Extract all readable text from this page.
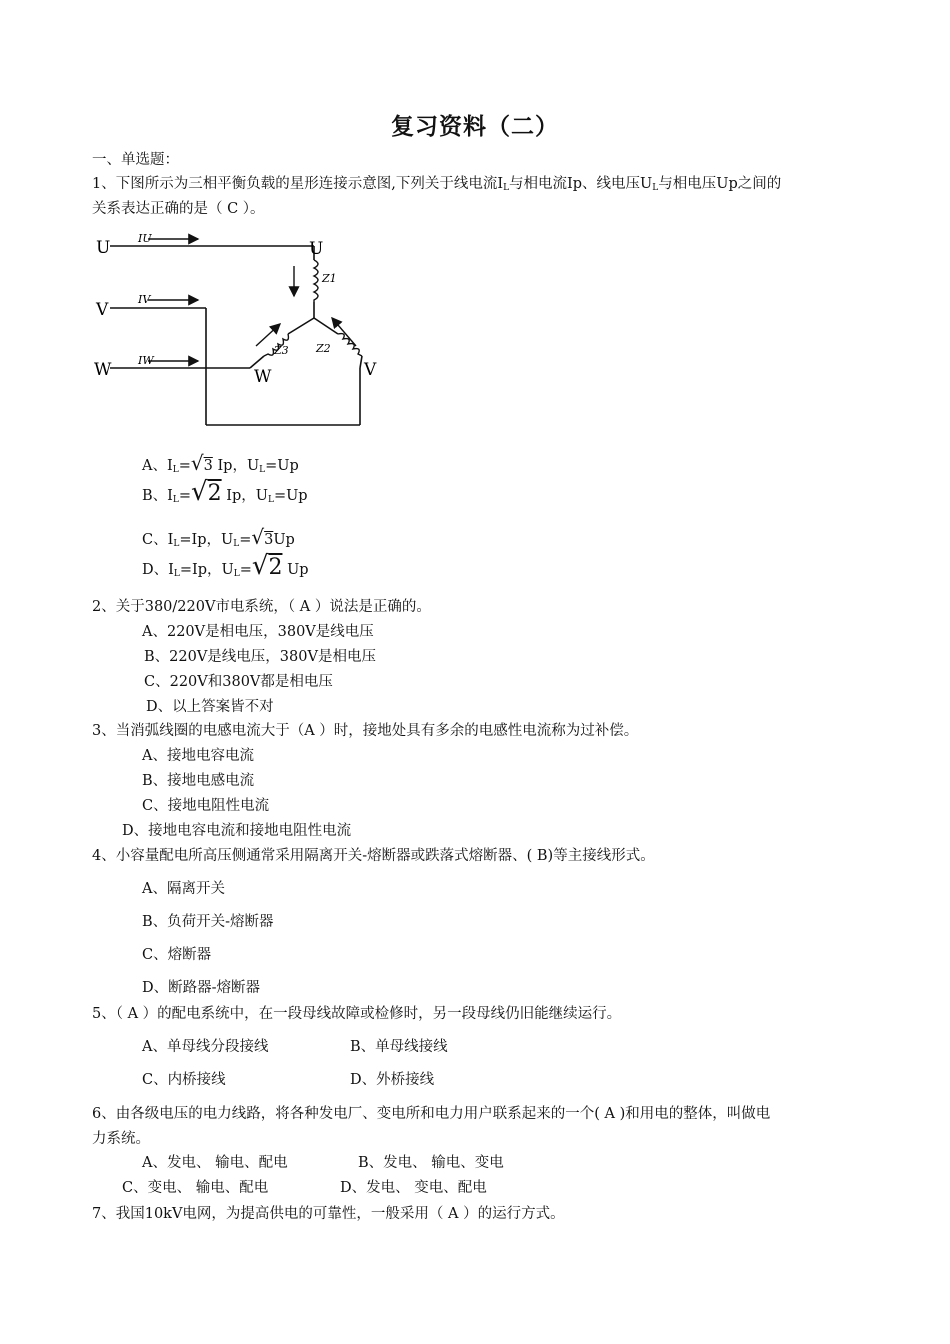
复习资料（二）
一、单选题：
1、下图所示为三相平衡负载的星形连接示意图,下列关于线电流$I_L$与相电流Ip、线电压$U_L$与相电压Up之间的
关系表达正确的是（ C ）。
U
V
W
IU
IV
IW
U
V
W
Z1
Z2
Z3
A、$I_L=√3$ Ip，$U_L=Up$
B、$I_L=√2$ Ip，$U_L=Up$
C、$I_L=Ip$，$U_L=√3Up$
D、$I_L=Ip$，$U_L=√2$ Up
2、关于380/220V市电系统，（ A ）说法是正确的。
A、220V是相电压，380V是线电压
B、220V是线电压，380V是相电压
C、220V和380V都是相电压
D、以上答案皆不对
3、当消弧线圈的电感电流大于（A ）时，接地处具有多余的电感性电流称为过补偿。
A、接地电容电流
B、接地电感电流
C、接地电阻性电流
D、接地电容电流和接地电阻性电流
4、小容量配电所高压侧通常采用隔离开关-熔断器或跌落式熔断器、( B)等主接线形式。
A、隔离开关
B、负荷开关-熔断器
C、熔断器
D、断路器-熔断器
5、（ A ）的配电系统中，在一段母线故障或检修时，另一段母线仍旧能继续运行。
A、单母线分段接线	B、单母线接线
C、内桥接线	D、外桥接线
6、由各级电压的电力线路，将各种发电厂、变电所和电力用户联系起来的一个( A )和用电的整体，叫做电
力系统。
A、发电、 输电、配电	B、发电、 输电、变电
C、变电、 输电、配电	D、发电、 变电、配电
7、我国10kV电网，为提高供电的可靠性，一般采用（ A ）的运行方式。
